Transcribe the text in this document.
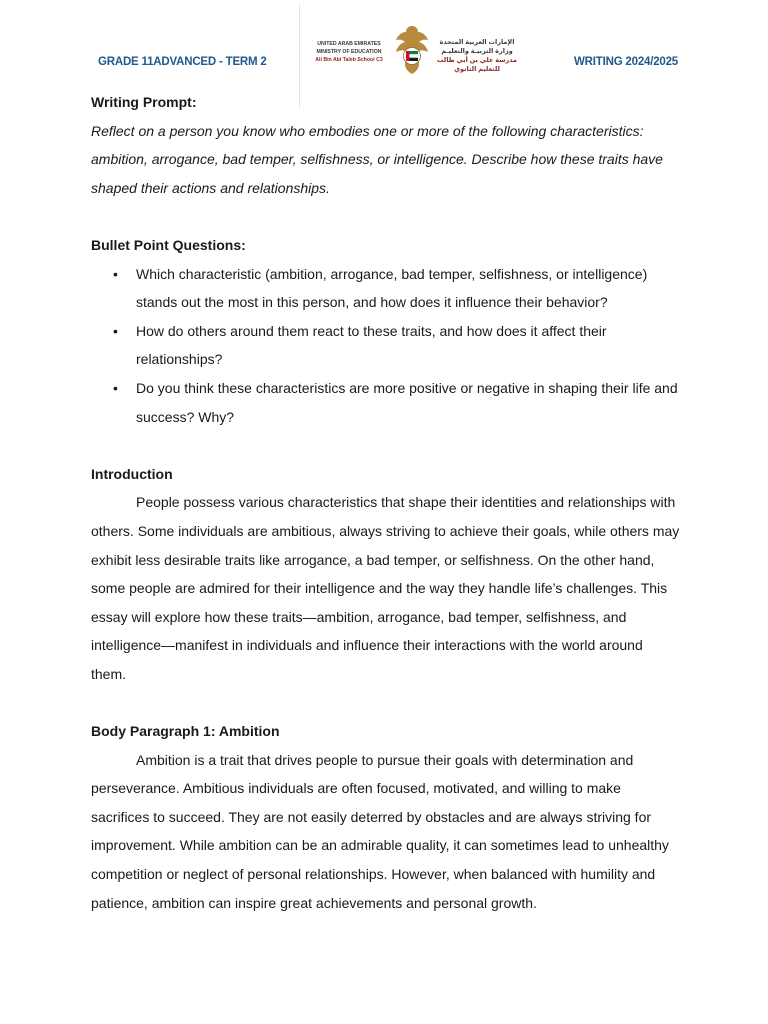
GRADE 11ADVANCED - TERM 2
UNITED ARAB EMIRATES
MINISTRY OF EDUCATION
Ali Bin Abi Taleb School C3
الإمارات العربية المتحدة
وزارة التربيـة والتعليـم
مدرسة علي بن أبي طالب للتعليم الثانوي
WRITING 2024/2025
Writing Prompt:
Reflect on a person you know who embodies one or more of the following characteristics: ambition, arrogance, bad temper, selfishness, or intelligence. Describe how these traits have shaped their actions and relationships.
Bullet Point Questions:
• Which characteristic (ambition, arrogance, bad temper, selfishness, or intelligence) stands out the most in this person, and how does it influence their behavior?
• How do others around them react to these traits, and how does it affect their relationships?
• Do you think these characteristics are more positive or negative in shaping their life and success? Why?
Introduction
People possess various characteristics that shape their identities and relationships with others. Some individuals are ambitious, always striving to achieve their goals, while others may exhibit less desirable traits like arrogance, a bad temper, or selfishness. On the other hand, some people are admired for their intelligence and the way they handle life’s challenges. This essay will explore how these traits—ambition, arrogance, bad temper, selfishness, and intelligence—manifest in individuals and influence their interactions with the world around them.
Body Paragraph 1: Ambition
Ambition is a trait that drives people to pursue their goals with determination and perseverance. Ambitious individuals are often focused, motivated, and willing to make sacrifices to succeed. They are not easily deterred by obstacles and are always striving for improvement. While ambition can be an admirable quality, it can sometimes lead to unhealthy competition or neglect of personal relationships. However, when balanced with humility and patience, ambition can inspire great achievements and personal growth.
